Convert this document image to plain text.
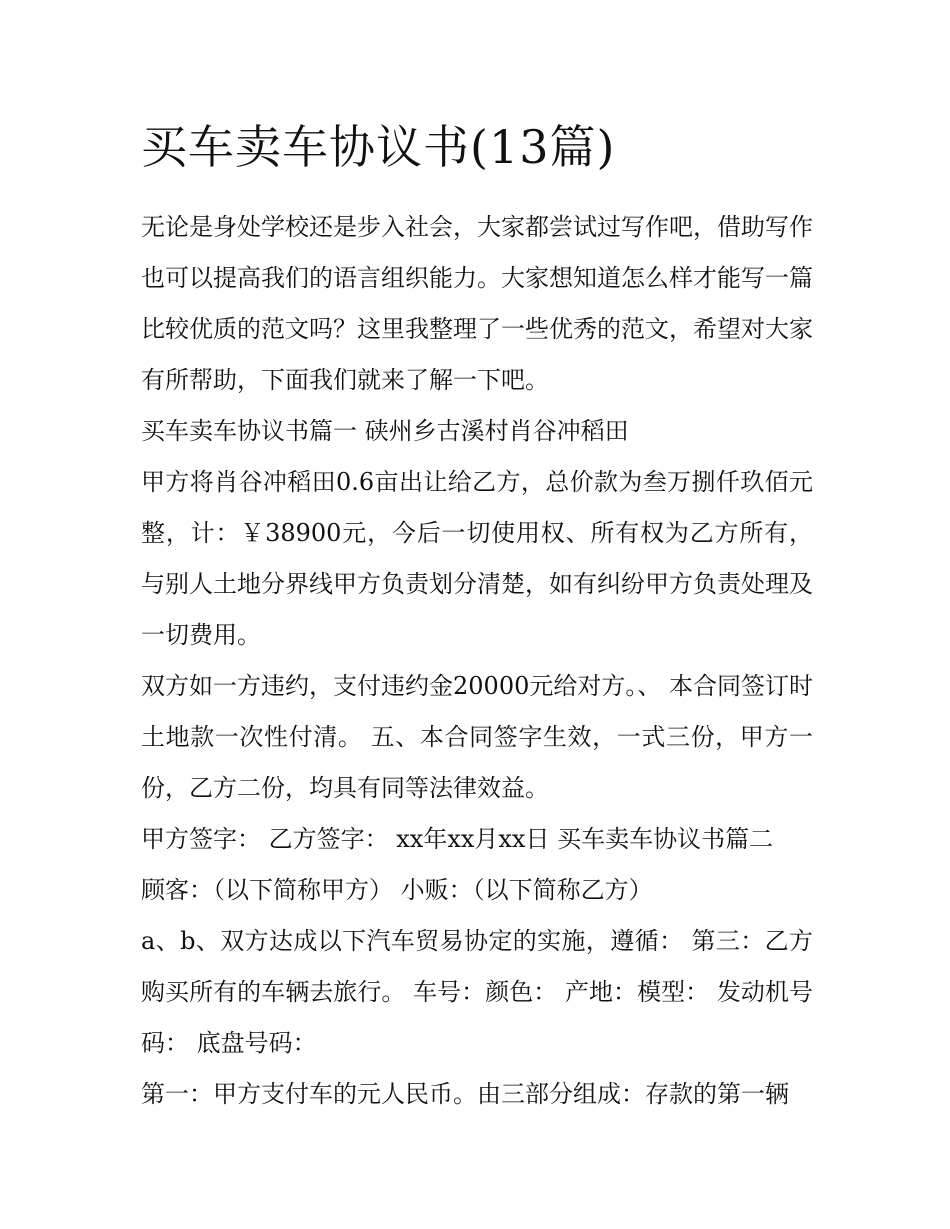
买车卖车协议书(13篇)

无论是身处学校还是步入社会，大家都尝试过写作吧，借助写作也可以提高我们的语言组织能力。大家想知道怎么样才能写一篇比较优质的范文吗？这里我整理了一些优秀的范文，希望对大家有所帮助，下面我们就来了解一下吧。

买车卖车协议书篇一 硖州乡古溪村肖谷冲稻田

甲方将肖谷冲稻田0.6亩出让给乙方，总价款为叁万捌仟玖佰元整，计：￥38900元，今后一切使用权、所有权为乙方所有，与别人土地分界线甲方负责划分清楚，如有纠纷甲方负责处理及一切费用。

双方如一方违约，支付违约金20000元给对方。、 本合同签订时土地款一次性付清。 五、本合同签字生效，一式三份，甲方一份，乙方二份，均具有同等法律效益。

甲方签字： 乙方签字： xx年xx月xx日 买车卖车协议书篇二

顾客：（以下简称甲方） 小贩：（以下简称乙方）

a、b、双方达成以下汽车贸易协定的实施，遵循： 第三：乙方购买所有的车辆去旅行。 车号：颜色： 产地：模型： 发动机号码： 底盘号码：

第一：甲方支付车的元人民币。由三部分组成：存款的第一辆
